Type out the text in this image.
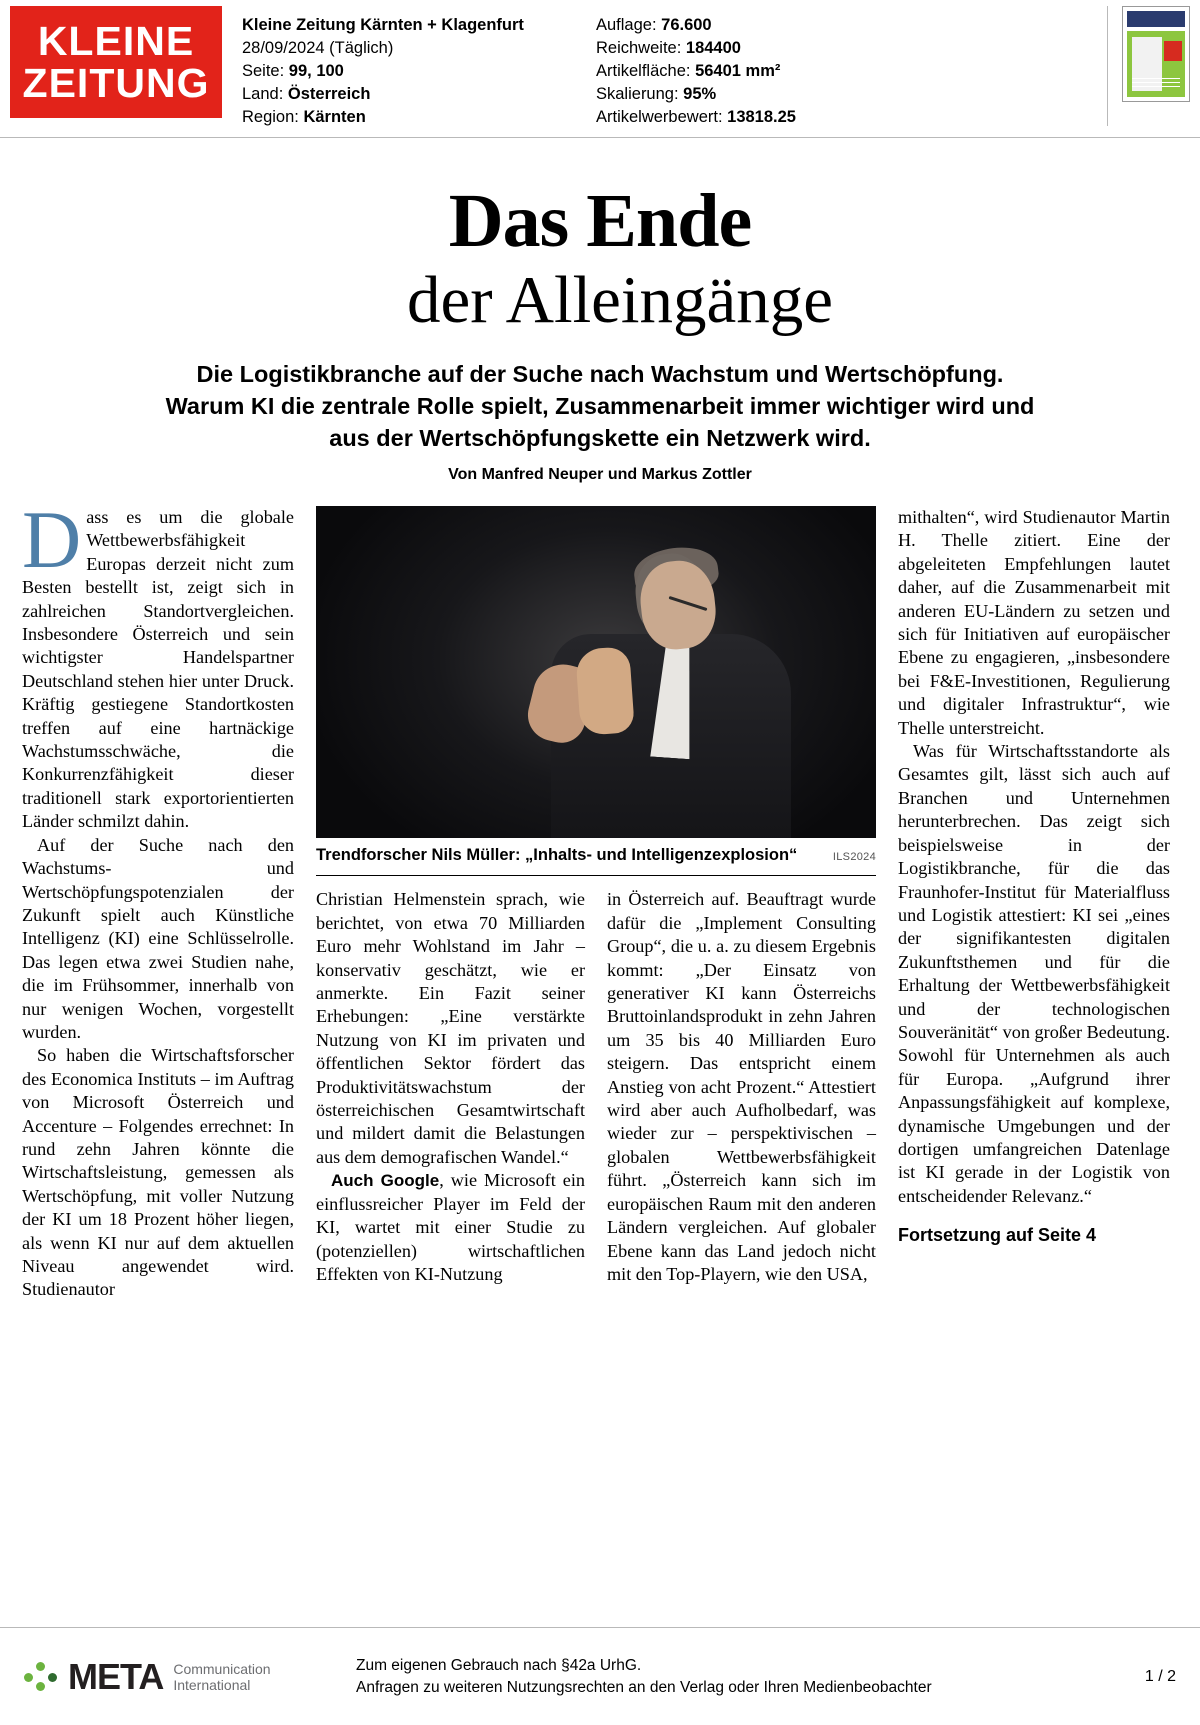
KLEINE
ZEITUNG
Kleine Zeitung Kärnten + Klagenfurt
28/09/2024 (Täglich)
Seite: 99, 100
Land: Österreich
Region: Kärnten
Auflage: 76.600
Reichweite: 184400
Artikelfläche: 56401 mm²
Skalierung: 95%
Artikelwerbewert: 13818.25
Das Ende
der Alleingänge
Die Logistikbranche auf der Suche nach Wachstum und Wertschöpfung. Warum KI die zentrale Rolle spielt, Zusammenarbeit immer wichtiger wird und aus der Wertschöpfungskette ein Netzwerk wird.
Von Manfred Neuper und Markus Zottler

Dass es um die globale Wettbewerbsfähigkeit Europas derzeit nicht zum Besten bestellt ist, zeigt sich in zahlreichen Standortvergleichen. Insbesondere Österreich und sein wichtigster Handelspartner Deutschland stehen hier unter Druck. Kräftig gestiegene Standortkosten treffen auf eine hartnäckige Wachstumsschwäche, die Konkurrenzfähigkeit dieser traditionell stark exportorientierten Länder schmilzt dahin.

Auf der Suche nach den Wachstums- und Wertschöpfungspotenzialen der Zukunft spielt auch Künstliche Intelligenz (KI) eine Schlüsselrolle. Das legen etwa zwei Studien nahe, die im Frühsommer, innerhalb von nur wenigen Wochen, vorgestellt wurden.

So haben die Wirtschaftsforscher des Economica Instituts – im Auftrag von Microsoft Österreich und Accenture – Folgendes errechnet: In rund zehn Jahren könnte die Wirtschaftsleistung, gemessen als Wertschöpfung, mit voller Nutzung der KI um 18 Prozent höher liegen, als wenn KI nur auf dem aktuellen Niveau angewendet wird. Studienautor

Trendforscher Nils Müller: „Inhalts- und Intelligenzexplosion“	ILS2024

Christian Helmenstein sprach, wie berichtet, von etwa 70 Milliarden Euro mehr Wohlstand im Jahr – konservativ geschätzt, wie er anmerkte. Ein Fazit seiner Erhebungen: „Eine verstärkte Nutzung von KI im privaten und öffentlichen Sektor fördert das Produktivitätswachstum der österreichischen Gesamtwirtschaft und mildert damit die Belastungen aus dem demografischen Wandel.“

Auch Google, wie Microsoft ein einflussreicher Player im Feld der KI, wartet mit einer Studie zu (potenziellen) wirtschaftlichen Effekten von KI-Nutzung

in Österreich auf. Beauftragt wurde dafür die „Implement Consulting Group“, die u. a. zu diesem Ergebnis kommt: „Der Einsatz von generativer KI kann Österreichs Bruttoinlandsprodukt in zehn Jahren um 35 bis 40 Milliarden Euro steigern. Das entspricht einem Anstieg von acht Prozent.“ Attestiert wird aber auch Aufholbedarf, was wieder zur – perspektivischen – globalen Wettbewerbsfähigkeit führt. „Österreich kann sich im europäischen Raum mit den anderen Ländern vergleichen. Auf globaler Ebene kann das Land jedoch nicht mit den Top-Playern, wie den USA,

mithalten“, wird Studienautor Martin H. Thelle zitiert. Eine der abgeleiteten Empfehlungen lautet daher, auf die Zusammenarbeit mit anderen EU-Ländern zu setzen und sich für Initiativen auf europäischer Ebene zu engagieren, „insbesondere bei F&E-Investitionen, Regulierung und digitaler Infrastruktur“, wie Thelle unterstreicht.

Was für Wirtschaftsstandorte als Gesamtes gilt, lässt sich auch auf Branchen und Unternehmen herunterbrechen. Das zeigt sich beispielsweise in der Logistikbranche, für die das Fraunhofer-Institut für Materialfluss und Logistik attestiert: KI sei „eines der signifikantesten digitalen Zukunftsthemen und für die Erhaltung der Wettbewerbsfähigkeit und der technologischen Souveränität“ von großer Bedeutung. Sowohl für Unternehmen als auch für Europa. „Aufgrund ihrer Anpassungsfähigkeit auf komplexe, dynamische Umgebungen und der dortigen umfangreichen Datenlage ist KI gerade in der Logistik von entscheidender Relevanz.“

Fortsetzung auf Seite 4
META Communication
International
Zum eigenen Gebrauch nach §42a UrhG.
Anfragen zu weiteren Nutzungsrechten an den Verlag oder Ihren Medienbeobachter
1 / 2
